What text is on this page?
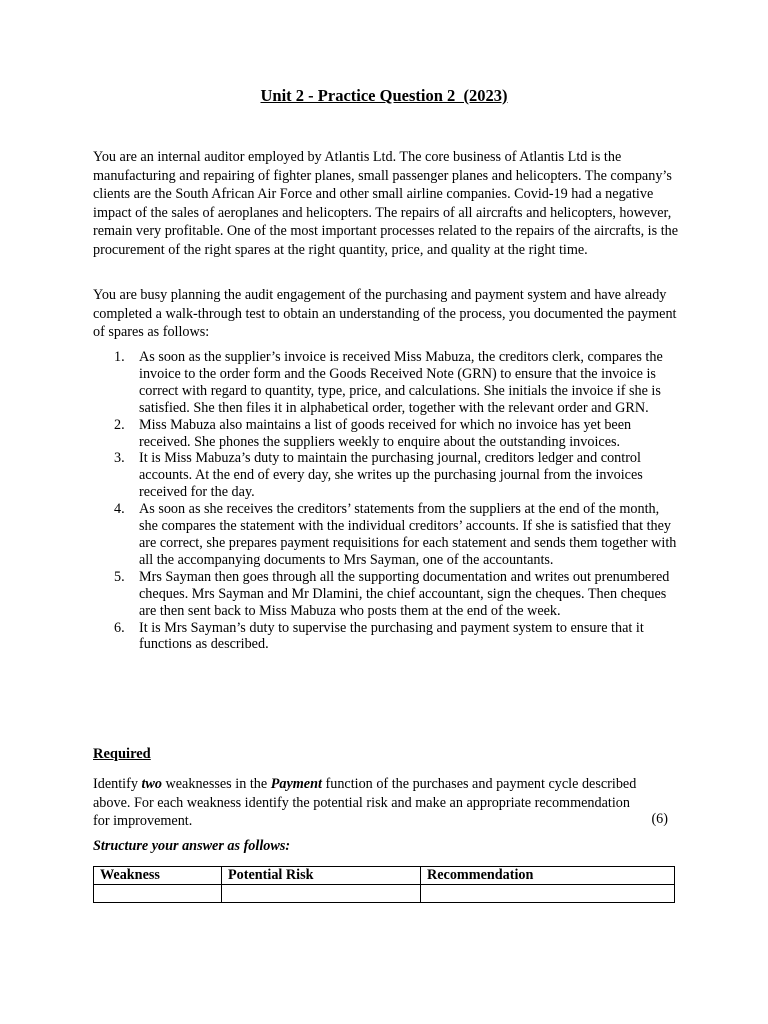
Unit 2 - Practice Question 2  (2023)

You are an internal auditor employed by Atlantis Ltd. The core business of Atlantis Ltd is the manufacturing and repairing of fighter planes, small passenger planes and helicopters. The company’s clients are the South African Air Force and other small airline companies. Covid-19 had a negative impact of the sales of aeroplanes and helicopters. The repairs of all aircrafts and helicopters, however, remain very profitable. One of the most important processes related to the repairs of the aircrafts, is the procurement of the right spares at the right quantity, price, and quality at the right time.

You are busy planning the audit engagement of the purchasing and payment system and have already completed a walk-through test to obtain an understanding of the process, you documented the payment of spares as follows:

1. As soon as the supplier’s invoice is received Miss Mabuza, the creditors clerk, compares the invoice to the order form and the Goods Received Note (GRN) to ensure that the invoice is correct with regard to quantity, type, price, and calculations. She initials the invoice if she is satisfied. She then files it in alphabetical order, together with the relevant order and GRN.
2. Miss Mabuza also maintains a list of goods received for which no invoice has yet been received. She phones the suppliers weekly to enquire about the outstanding invoices.
3. It is Miss Mabuza’s duty to maintain the purchasing journal, creditors ledger and control accounts. At the end of every day, she writes up the purchasing journal from the invoices received for the day.
4. As soon as she receives the creditors’ statements from the suppliers at the end of the month, she compares the statement with the individual creditors’ accounts. If she is satisfied that they are correct, she prepares payment requisitions for each statement and sends them together with all the accompanying documents to Mrs Sayman, one of the accountants.
5. Mrs Sayman then goes through all the supporting documentation and writes out prenumbered cheques. Mrs Sayman and Mr Dlamini, the chief accountant, sign the cheques. Then cheques are then sent back to Miss Mabuza who posts them at the end of the week.
6. It is Mrs Sayman’s duty to supervise the purchasing and payment system to ensure that it functions as described.
Required

Identify two weaknesses in the Payment function of the purchases and payment cycle described above. For each weakness identify the potential risk and make an appropriate recommendation for improvement.	(6)
Structure your answer as follows:
Weakness	Potential Risk	Recommendation
